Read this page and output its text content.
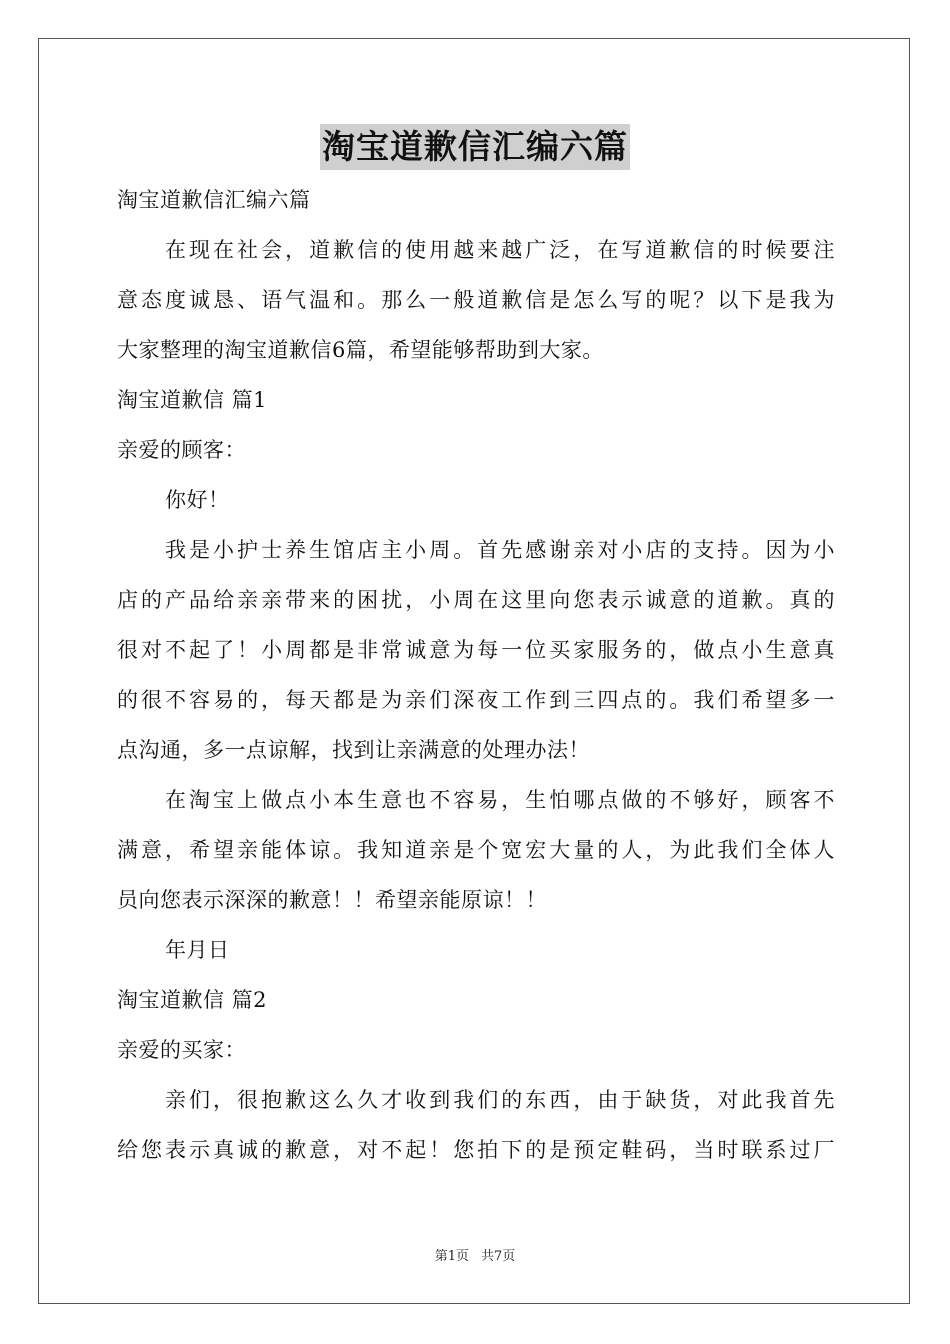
淘宝道歉信汇编六篇

淘宝道歉信汇编六篇

在现在社会，道歉信的使用越来越广泛，在写道歉信的时候要注

意态度诚恳、语气温和。那么一般道歉信是怎么写的呢？以下是我为

大家整理的淘宝道歉信6篇，希望能够帮助到大家。

淘宝道歉信 篇1

亲爱的顾客：

你好！

我是小护士养生馆店主小周。首先感谢亲对小店的支持。因为小

店的产品给亲亲带来的困扰，小周在这里向您表示诚意的道歉。真的

很对不起了！小周都是非常诚意为每一位买家服务的，做点小生意真

的很不容易的，每天都是为亲们深夜工作到三四点的。我们希望多一

点沟通，多一点谅解，找到让亲满意的处理办法！

在淘宝上做点小本生意也不容易，生怕哪点做的不够好，顾客不

满意，希望亲能体谅。我知道亲是个宽宏大量的人，为此我们全体人

员向您表示深深的歉意！！希望亲能原谅！！

年月日

淘宝道歉信 篇2

亲爱的买家：

亲们，很抱歉这么久才收到我们的东西，由于缺货，对此我首先

给您表示真诚的歉意，对不起！您拍下的是预定鞋码，当时联系过厂

第1页 共7页
